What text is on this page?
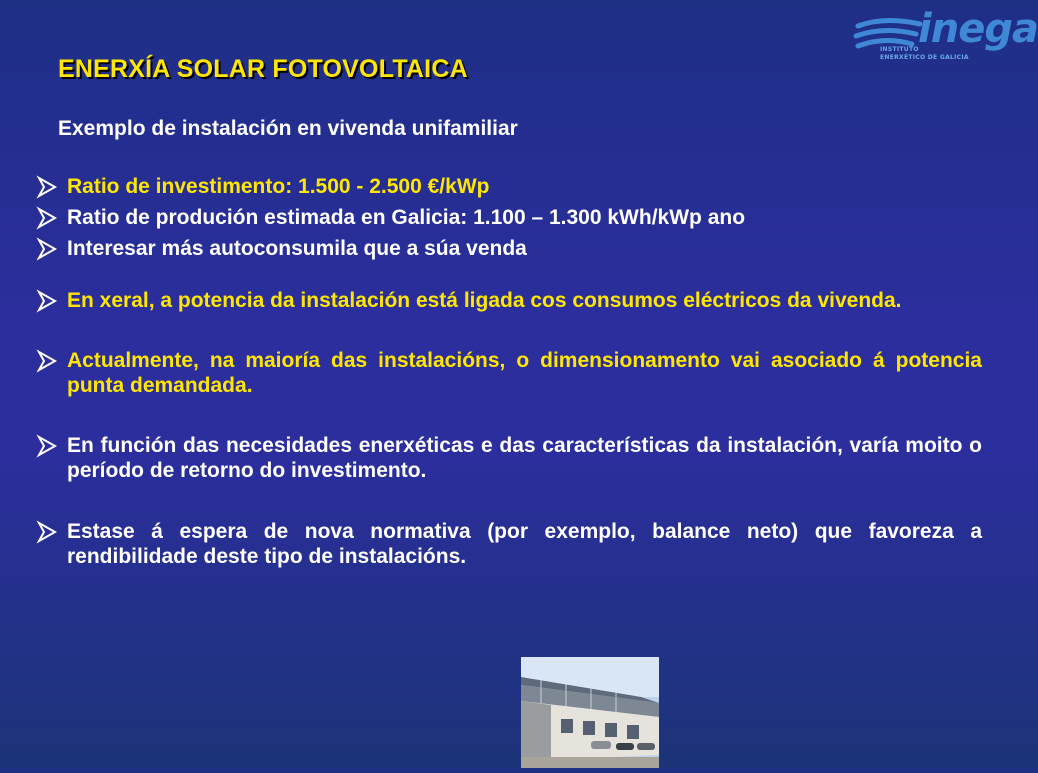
inega
INSTITUTO
ENERXÉTICO DE GALICIA
ENERXÍA SOLAR FOTOVOLTAICA
Exemplo de instalación en vivenda unifamiliar
Ratio de investimento: 1.500 - 2.500 €/kWp
Ratio de produción estimada en Galicia: 1.100 – 1.300 kWh/kWp ano
Interesar más autoconsumila que a súa venda
En xeral, a potencia da instalación está ligada cos consumos eléctricos da vivenda.
Actualmente, na maioría das instalacións, o dimensionamento vai asociado á potencia punta demandada.
En función das necesidades enerxéticas e das características da instalación, varía moito o período de retorno do investimento.
Estase á espera de nova normativa (por exemplo, balance neto) que favoreza a rendibilidade deste tipo de instalacións.
